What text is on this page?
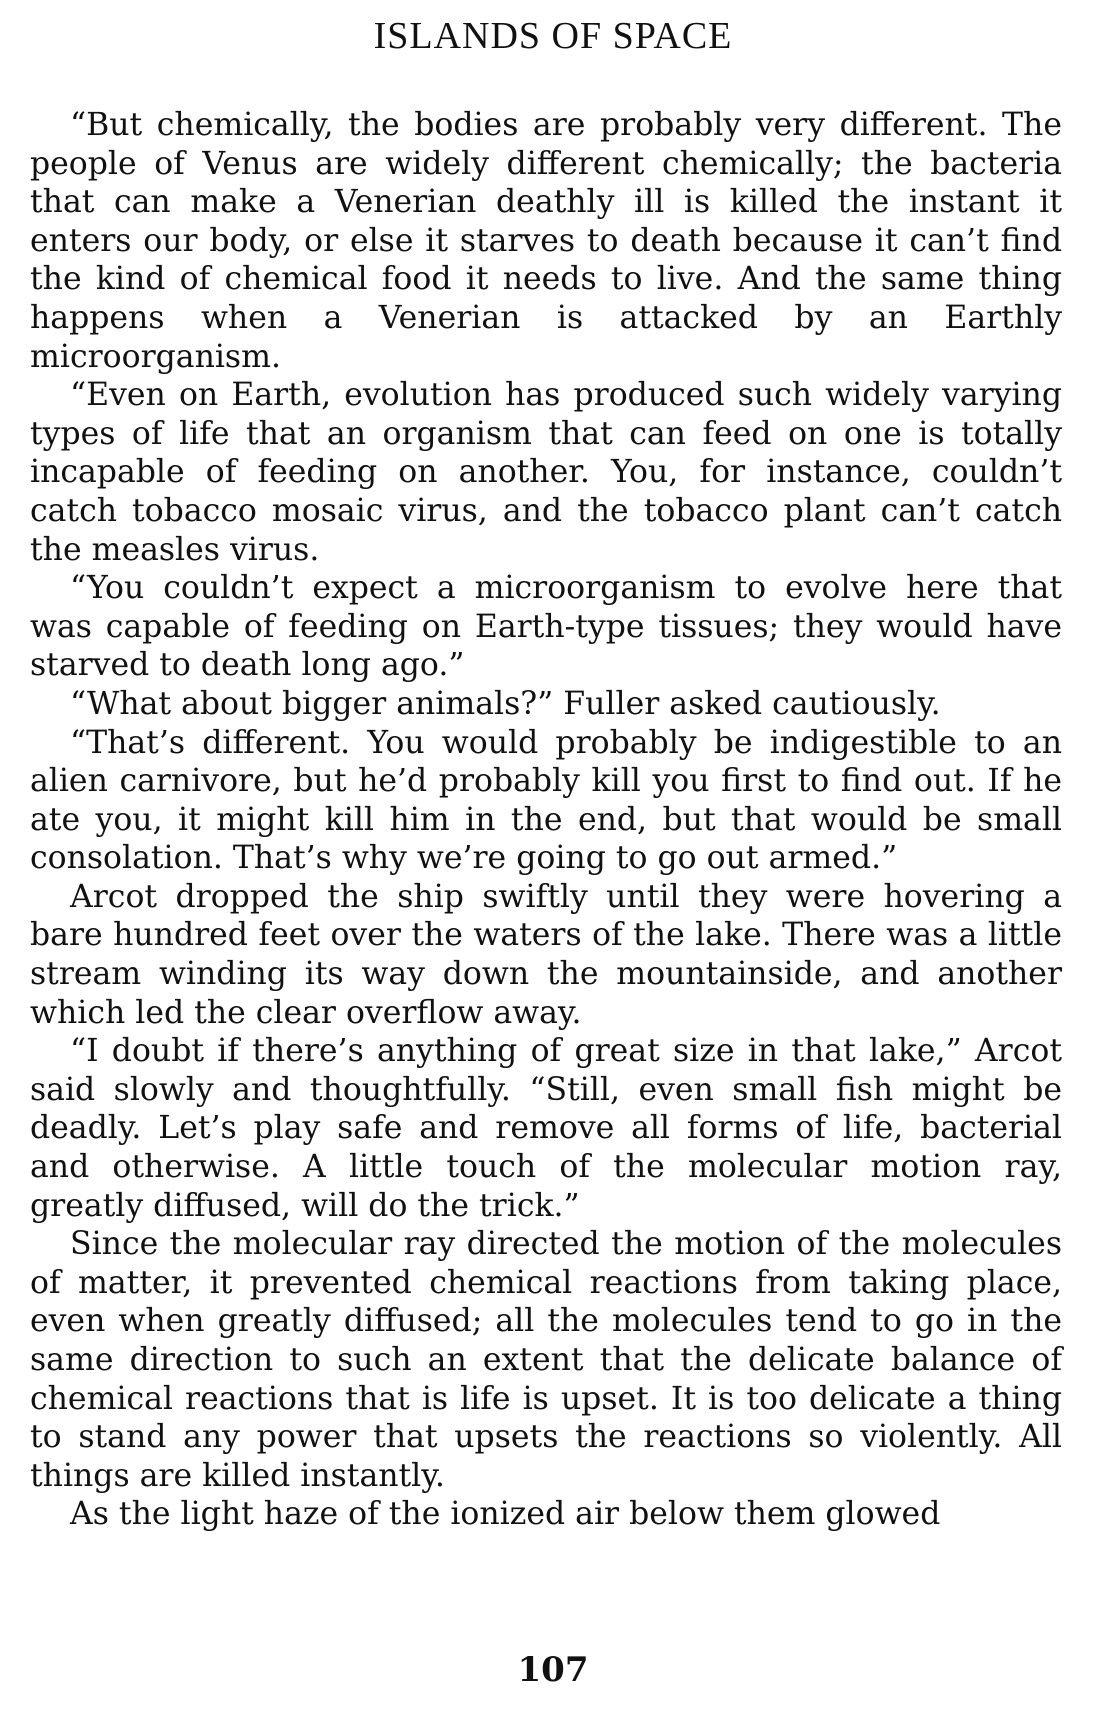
ISLANDS OF SPACE

“But chemically, the bodies are probably very different. The people of Venus are widely different chemically; the bacteria that can make a Venerian deathly ill is killed the instant it enters our body, or else it starves to death because it can’t find the kind of chemical food it needs to live. And the same thing happens when a Venerian is attacked by an Earthly microorganism.

“Even on Earth, evolution has produced such widely varying types of life that an organism that can feed on one is totally incapable of feeding on another. You, for instance, couldn’t catch tobacco mosaic virus, and the tobacco plant can’t catch the measles virus.

“You couldn’t expect a microorganism to evolve here that was capable of feeding on Earth-type tissues; they would have starved to death long ago.”

“What about bigger animals?” Fuller asked cautiously.

“That’s different. You would probably be indigestible to an alien carnivore, but he’d probably kill you first to find out. If he ate you, it might kill him in the end, but that would be small consolation. That’s why we’re going to go out armed.”

Arcot dropped the ship swiftly until they were hovering a bare hundred feet over the waters of the lake. There was a little stream winding its way down the mountainside, and another which led the clear overflow away.

“I doubt if there’s anything of great size in that lake,” Arcot said slowly and thoughtfully. “Still, even small fish might be deadly. Let’s play safe and remove all forms of life, bacterial and otherwise. A little touch of the molecular motion ray, greatly diffused, will do the trick.”

Since the molecular ray directed the motion of the molecules of matter, it prevented chemical reactions from taking place, even when greatly diffused; all the molecules tend to go in the same direction to such an extent that the delicate balance of chemical reactions that is life is upset. It is too delicate a thing to stand any power that upsets the reactions so violently. All things are killed instantly.

As the light haze of the ionized air below them glowed

107
